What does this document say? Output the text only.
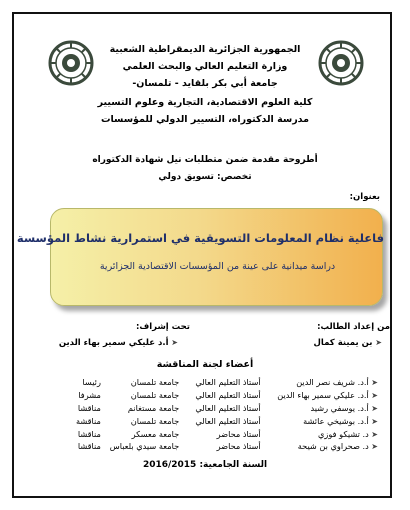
الجمهورية الجزائرية الديمقراطية الشعبية
وزارة التعليم العالي والبحث العلمي
جامعة أبي بكر بلقايد - تلمسان-
كلية العلوم الاقتصادية، التجارية وعلوم التسيير
مدرسة الدكتوراه، التسيير الدولي للمؤسسات
أطروحة مقدمة ضمن متطلبات نيل شهادة الدكتوراه
تخصص: تسويق دولي
بعنوان:
فاعلية نظام المعلومات التسويقية في استمرارية نشاط المؤسسة
دراسة ميدانية على عينة من المؤسسات الاقتصادية الجزائرية
من إعداد الطالب:
تحت إشراف:
➤ بن يمينة كمال
➤ أ.د عليكي سمير بهاء الدين
أعضاء لجنة المناقشة
➤ أ.د. شريف نصر الدين	أستاذ التعليم العالي	جامعة تلمسان	رئيسا
➤ أ.د. عليكي سمير بهاء الدين	أستاذ التعليم العالي	جامعة تلمسان	مشرفا
➤ أ.د. يوسفي رشيد	أستاذ التعليم العالي	جامعة مستغانم	مناقشا
➤ أ.د. بوشيخي عائشة	أستاذ التعليم العالي	جامعة تلمسان	مناقشة
➤ د. تشيكو فوزي	أستاذ محاضر	جامعة معسكر	مناقشا
➤ د. صحراوي بن شيحة	أستاذ محاضر	جامعة سيدي بلعباس	مناقشا
السنة الجامعية: 2016/2015
